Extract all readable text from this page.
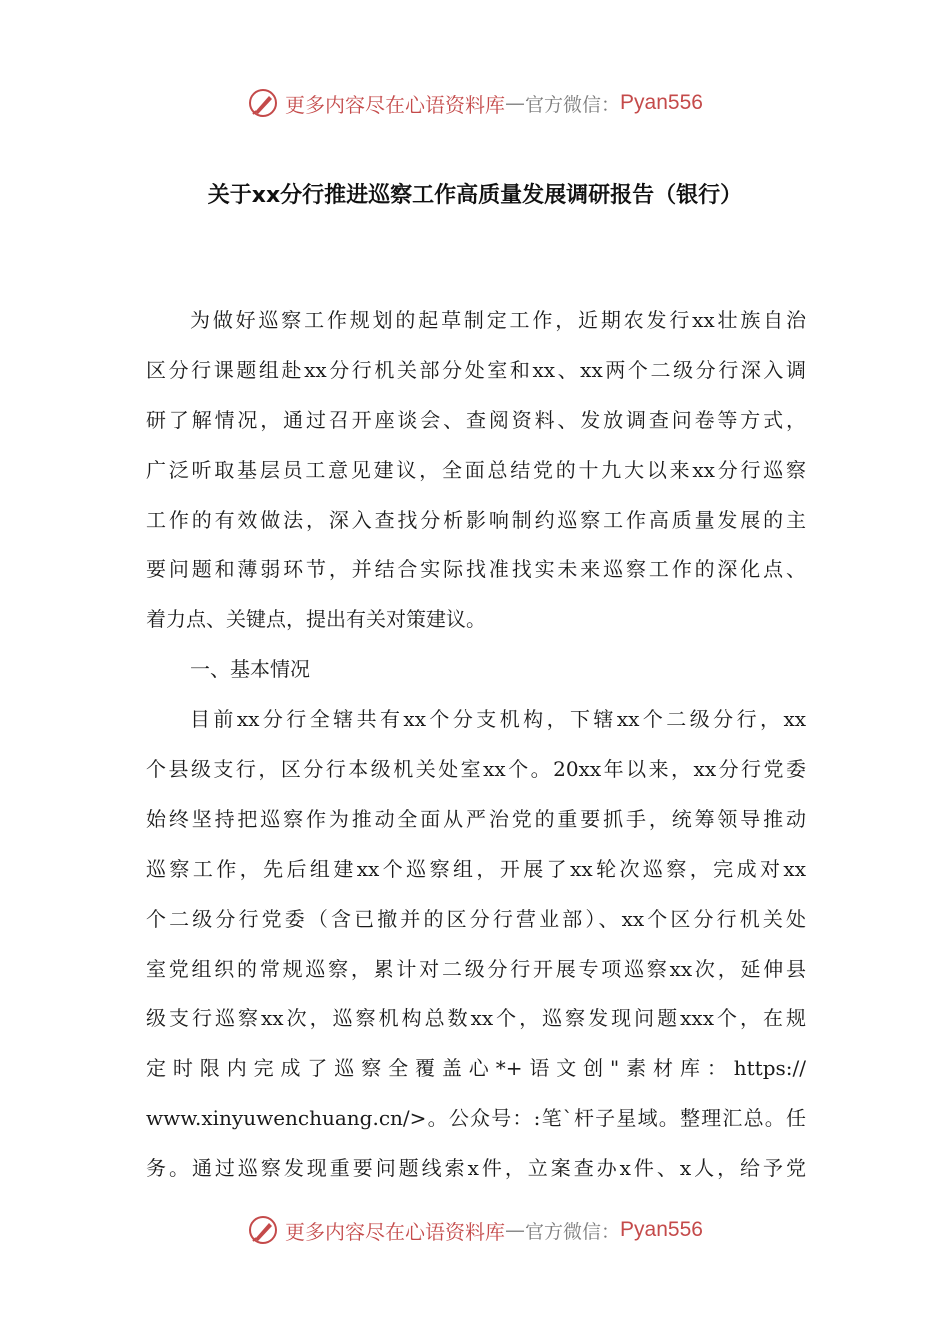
更多内容尽在心语资料库 — 官方微信： Pyan556
关于xx分行推进巡察工作高质量发展调研报告（银行）
为做好巡察工作规划的起草制定工作，近期农发行xx壮族自治
区分行课题组赴xx分行机关部分处室和xx、xx两个二级分行深入调
研了解情况，通过召开座谈会、查阅资料、发放调查问卷等方式，
广泛听取基层员工意见建议，全面总结党的十九大以来xx分行巡察
工作的有效做法，深入查找分析影响制约巡察工作高质量发展的主
要问题和薄弱环节，并结合实际找准找实未来巡察工作的深化点、
着力点、关键点，提出有关对策建议。
一、基本情况
目前xx分行全辖共有xx个分支机构，下辖xx个二级分行，xx
个县级支行，区分行本级机关处室xx个。20xx年以来，xx分行党委
始终坚持把巡察作为推动全面从严治党的重要抓手，统筹领导推动
巡察工作，先后组建xx个巡察组，开展了xx轮次巡察，完成对xx
个二级分行党委（含已撤并的区分行营业部）、xx个区分行机关处
室党组织的常规巡察，累计对二级分行开展专项巡察xx次，延伸县
级支行巡察xx次，巡察机构总数xx个，巡察发现问题xxx个，在规
定时限内完成了巡察全覆盖心*+语文创"素材库：https://
www.xinyuwenchuang.cn/>。公众号：:笔`杆子星域。整理汇总。任
务。通过巡察发现重要问题线索x件，立案查办x件、x人，给予党
更多内容尽在心语资料库 — 官方微信： Pyan556
